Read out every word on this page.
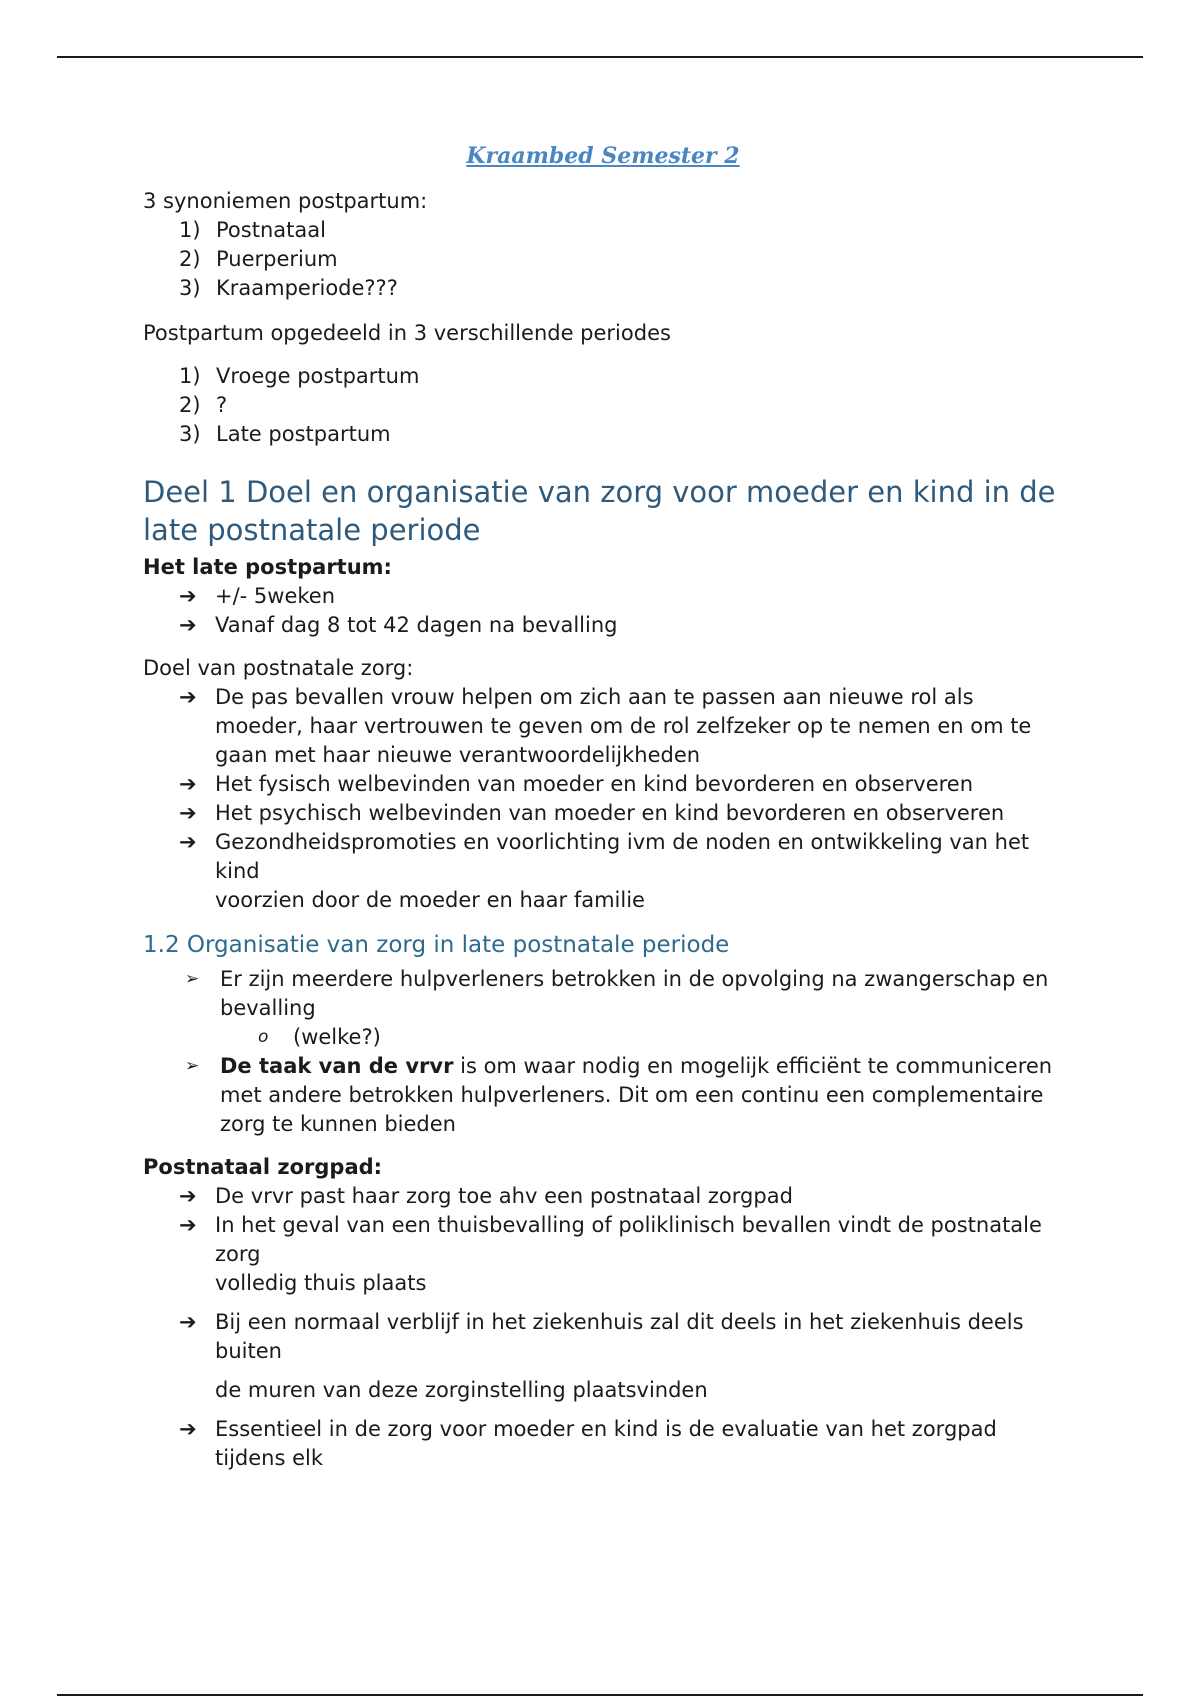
Kraambed Semester 2

3 synoniemen postpartum:

1) Postnataal
2) Puerperium
3) Kraamperiode???

Postpartum opgedeeld in 3 verschillende periodes

1) Vroege postpartum
2) ?
3) Late postpartum
Deel 1 Doel en organisatie van zorg voor moeder en kind in de late postnatale periode

Het late postpartum:

➔ +/- 5weken
➔ Vanaf dag 8 tot 42 dagen na bevalling

Doel van postnatale zorg:

➔ De pas bevallen vrouw helpen om zich aan te passen aan nieuwe rol als moeder, haar vertrouwen te geven om de rol zelfzeker op te nemen en om te gaan met haar nieuwe verantwoordelijkheden
➔ Het fysisch welbevinden van moeder en kind bevorderen en observeren
➔ Het psychisch welbevinden van moeder en kind bevorderen en observeren
➔ Gezondheidspromoties en voorlichting ivm de noden en ontwikkeling van het kind
voorzien door de moeder en haar familie
1.2 Organisatie van zorg in late postnatale periode
➢ Er zijn meerdere hulpverleners betrokken in de opvolging na zwangerschap en bevalling
o (welke?)
➢ De taak van de vrvr is om waar nodig en mogelijk efficiënt te communiceren met andere betrokken hulpverleners. Dit om een continu een complementaire zorg te kunnen bieden

Postnataal zorgpad:

➔ De vrvr past haar zorg toe ahv een postnataal zorgpad
➔ In het geval van een thuisbevalling of poliklinisch bevallen vindt de postnatale zorg
volledig thuis plaats
➔ Bij een normaal verblijf in het ziekenhuis zal dit deels in het ziekenhuis deels buiten
de muren van deze zorginstelling plaatsvinden
➔ Essentieel in de zorg voor moeder en kind is de evaluatie van het zorgpad tijdens elk
